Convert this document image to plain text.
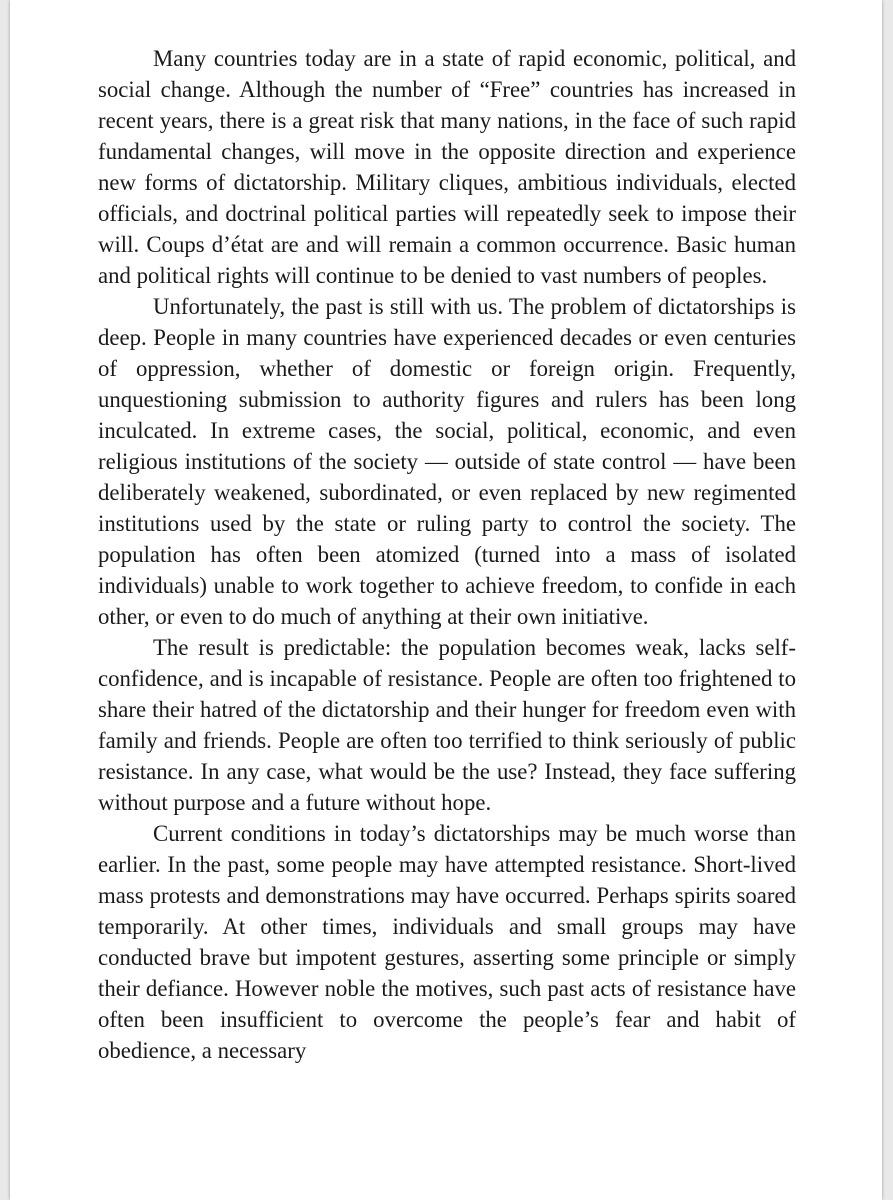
Many countries today are in a state of rapid economic, political, and social change. Although the number of “Free” countries has increased in recent years, there is a great risk that many nations, in the face of such rapid fundamental changes, will move in the opposite direction and experience new forms of dictatorship. Military cliques, ambitious individuals, elected officials, and doctrinal political parties will repeatedly seek to impose their will. Coups d’état are and will remain a common occurrence. Basic human and political rights will continue to be denied to vast numbers of peoples.

Unfortunately, the past is still with us. The problem of dictatorships is deep. People in many countries have experienced decades or even centuries of oppression, whether of domestic or foreign origin. Frequently, unquestioning submission to authority figures and rulers has been long inculcated. In extreme cases, the social, political, economic, and even religious institutions of the society — outside of state control — have been deliberately weakened, subordinated, or even replaced by new regimented institutions used by the state or ruling party to control the society. The population has often been atomized (turned into a mass of isolated individuals) unable to work together to achieve freedom, to confide in each other, or even to do much of anything at their own initiative.

The result is predictable: the population becomes weak, lacks self-confidence, and is incapable of resistance. People are often too frightened to share their hatred of the dictatorship and their hunger for freedom even with family and friends. People are often too terrified to think seriously of public resistance. In any case, what would be the use? Instead, they face suffering without purpose and a future without hope.

Current conditions in today’s dictatorships may be much worse than earlier. In the past, some people may have attempted resistance. Short-lived mass protests and demonstrations may have occurred. Perhaps spirits soared temporarily. At other times, individuals and small groups may have conducted brave but impotent gestures, asserting some principle or simply their defiance. However noble the motives, such past acts of resistance have often been insufficient to overcome the people’s fear and habit of obedience, a necessary
